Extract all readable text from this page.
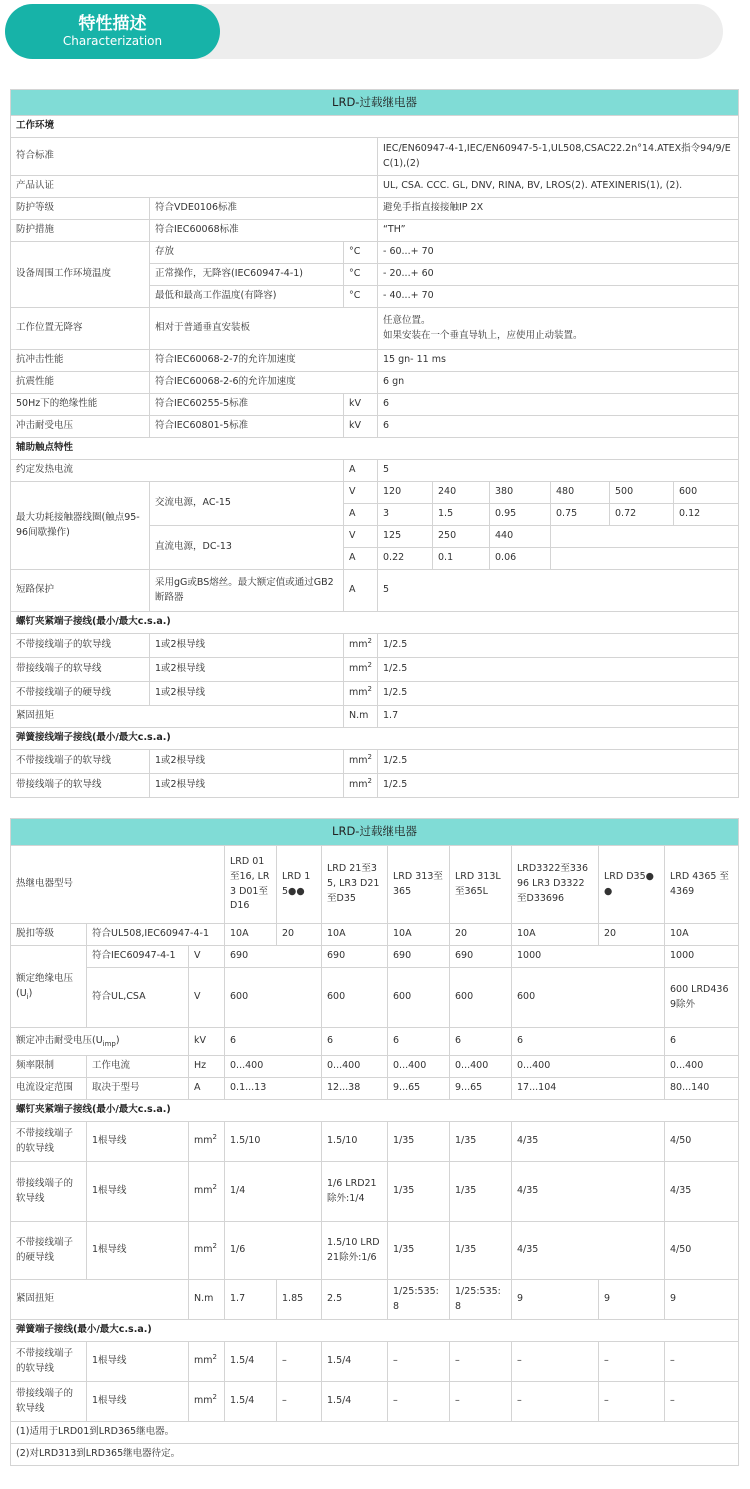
特性描述
Characterization
LRD-过载继电器								
工作环境								
符合标准			IEC/EN60947-4-1,IEC/EN60947-5-1,UL508,CSAC22.2n°14.ATEX指令94/9/EC(1),(2)					
产品认证			UL, CSA. CCC. GL, DNV, RINA, BV, LROS(2). ATEXINERIS(1), (2).					
防护等级	符合VDE0106标准		避免手指直接接触IP 2X					
防护措施	符合IEC60068标准		“TH”					
设备周围工作环境温度	存放	°C	- 60...+ 70					
	正常操作，无降容(IEC60947-4-1)	°C	- 20...+ 60					
	最低和最高工作温度(有降容)	°C	- 40...+ 70					
工作位置无降容	相对于普通垂直安装板		任意位置。
如果安装在一个垂直导轨上，应使用止动装置。					

抗冲击性能	符合IEC60068-2-7的允许加速度		15 gn- 11 ms					
抗震性能	符合IEC60068-2-6的允许加速度		6 gn					
50Hz下的绝缘性能	符合IEC60255-5标准	kV	6					
冲击耐受电压	符合IEC60801-5标准	kV	6					
辅助触点特性								
约定发热电流		A	5					
最大功耗接触器线圈(触点95-96间歇操作)	交流电源，AC-15	V	120	240	380	480	500	600
		A	3	1.5	0.95	0.75	0.72	0.12
	直流电源，DC-13	V	125	250	440			
		A	0.22	0.1	0.06			
短路保护	采用gG或BS熔丝。最大额定值或通过GB2断路器	A	5					
螺钉夹紧端子接线(最小/最大c.s.a.)								
不带接线端子的软导线	1或2根导线	$mm^2$	1/2.5					
带接线端子的软导线	1或2根导线	$mm^2$	1/2.5					
不带接线端子的硬导线	1或2根导线	$mm^2$	1/2.5					
紧固扭矩		N.m	1.7					
弹簧接线端子接线(最小/最大c.s.a.)								
不带接线端子的软导线	1或2根导线	$mm^2$	1/2.5					
带接线端子的软导线	1或2根导线	$mm^2$	1/2.5					
LRD-过载继电器										
热继电器型号			LRD 01至16, LR3 D01至D16	LRD 15●●	LRD 21至35, LR3 D21至D35	LRD 313至365	LRD 313L至365L	LRD3322至33696 LR3 D3322至D33696	LRD D35●●	LRD 4365 至4369
脱扣等级	符合UL508,IEC60947-4-1		10A	20	10A	10A	20	10A	20	10A
额定绝缘电压$(U_i)$	符合IEC60947-4-1	V	690		690	690	690	1000		1000
	符合UL,CSA	V	600		600	600	600	600		600 LRD4369除外
额定冲击耐受电压$(U_{imp})$		kV	6		6	6	6	6		6
频率限制	工作电流	Hz	0...400		0...400	0...400	0...400	0...400		0...400
电流设定范围	取决于型号	A	0.1...13		12...38	9...65	9...65	17...104		80...140
螺钉夹紧端子接线(最小/最大c.s.a.)										
不带接线端子的软导线	1根导线	$mm^2$	1.5/10		1.5/10	1/35	1/35	4/35		4/50
带接线端子的软导线	1根导线	$mm^2$	1/4		1/6 LRD21除外:1/4	1/35	1/35	4/35		4/35
不带接线端子的硬导线	1根导线	$mm^2$	1/6		1.5/10 LRD21除外:1/6	1/35	1/35	4/35		4/50
紧固扭矩		N.m	1.7	1.85	2.5	1/25:535:8	1/25:535:8	9	9	9
弹簧端子接线(最小/最大c.s.a.)										
不带接线端子的软导线	1根导线	$mm^2$	1.5/4	–	1.5/4	–	–	–	–	–
带接线端子的软导线	1根导线	$mm^2$	1.5/4	–	1.5/4	–	–	–	–	–
(1)适用于LRD01到LRD365继电器。										
(2)对LRD313到LRD365继电器待定。										
